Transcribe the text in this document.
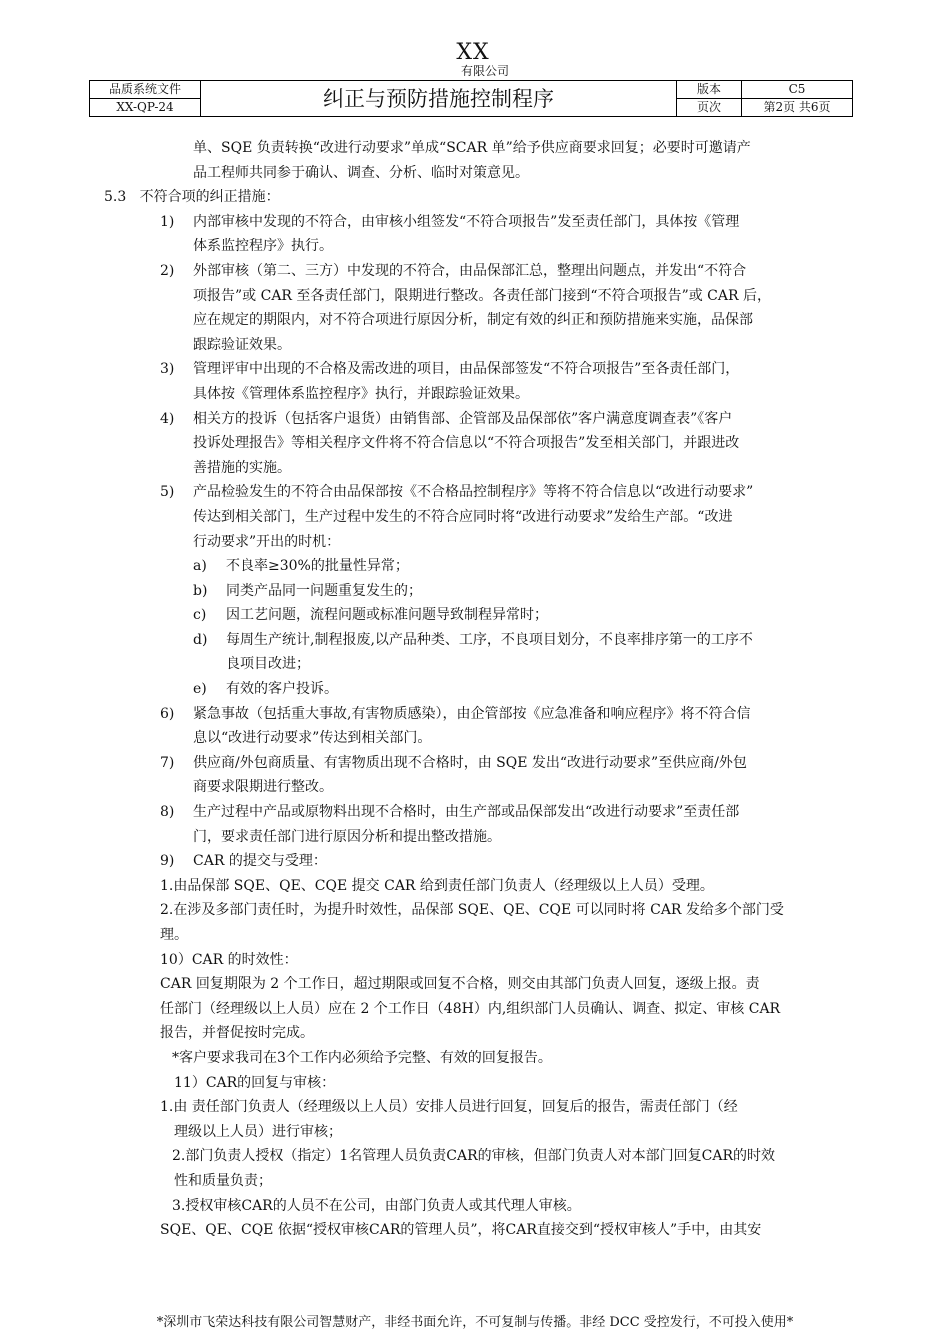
XX
有限公司
品质系统文件	纠正与预防措施控制程序	版本	C5
XX-QP-24		页次	第2页 共6页

单、SQE 负责转换“改进行动要求”单成“SCAR 单”给予供应商要求回复；必要时可邀请产

品工程师共同参于确认、调查、分析、临时对策意见。

5.3 不符合项的纠正措施：

1) 内部审核中发现的不符合，由审核小组签发“不符合项报告”发至责任部门，具体按《管理

体系监控程序》执行。

2) 外部审核（第二、三方）中发现的不符合，由品保部汇总，整理出问题点，并发出“不符合

项报告”或 CAR 至各责任部门，限期进行整改。各责任部门接到“不符合项报告”或 CAR 后，

应在规定的期限内，对不符合项进行原因分析，制定有效的纠正和预防措施来实施，品保部

跟踪验证效果。

3) 管理评审中出现的不合格及需改进的项目，由品保部签发“不符合项报告”至各责任部门，

具体按《管理体系监控程序》执行，并跟踪验证效果。

4) 相关方的投诉（包括客户退货）由销售部、企管部及品保部依”客户满意度调查表”《客户

投诉处理报告》等相关程序文件将不符合信息以“不符合项报告”发至相关部门，并跟进改

善措施的实施。

5) 产品检验发生的不符合由品保部按《不合格品控制程序》等将不符合信息以“改进行动要求”

传达到相关部门，生产过程中发生的不符合应同时将“改进行动要求”发给生产部。“改进

行动要求”开出的时机：

a) 不良率≥30%的批量性异常；

b) 同类产品同一问题重复发生的；

c) 因工艺问题，流程问题或标准问题导致制程异常时；

d) 每周生产统计,制程报废,以产品种类、工序，不良项目划分，不良率排序第一的工序不

良项目改进；

e) 有效的客户投诉。

6) 紧急事故（包括重大事故,有害物质感染），由企管部按《应急准备和响应程序》将不符合信

息以“改进行动要求”传达到相关部门。

7) 供应商/外包商质量、有害物质出现不合格时，由 SQE 发出“改进行动要求”至供应商/外包

商要求限期进行整改。

8) 生产过程中产品或原物料出现不合格时，由生产部或品保部发出“改进行动要求”至责任部

门，要求责任部门进行原因分析和提出整改措施。

9) CAR 的提交与受理：

1.由品保部 SQE、QE、CQE 提交 CAR 给到责任部门负责人（经理级以上人员）受理。

2.在涉及多部门责任时，为提升时效性，品保部 SQE、QE、CQE 可以同时将 CAR 发给多个部门受

理。

10）CAR 的时效性：

CAR 回复期限为 2 个工作日，超过期限或回复不合格，则交由其部门负责人回复，逐级上报。责

任部门（经理级以上人员）应在 2 个工作日（48H）内,组织部门人员确认、调查、拟定、审核 CAR

报告，并督促按时完成。

*客户要求我司在3个工作内必须给予完整、有效的回复报告。

11）CAR的回复与审核：

1.由 责任部门负责人（经理级以上人员）安排人员进行回复，回复后的报告，需责任部门（经

理级以上人员）进行审核；

2.部门负责人授权（指定）1名管理人员负责CAR的审核，但部门负责人对本部门回复CAR的时效

性和质量负责；

3.授权审核CAR的人员不在公司，由部门负责人或其代理人审核。

SQE、QE、CQE 依据“授权审核CAR的管理人员”，将CAR直接交到“授权审核人”手中，由其安

*深圳市飞荣达科技有限公司智慧财产，非经书面允许，不可复制与传播。非经 DCC 受控发行，不可投入使用*
